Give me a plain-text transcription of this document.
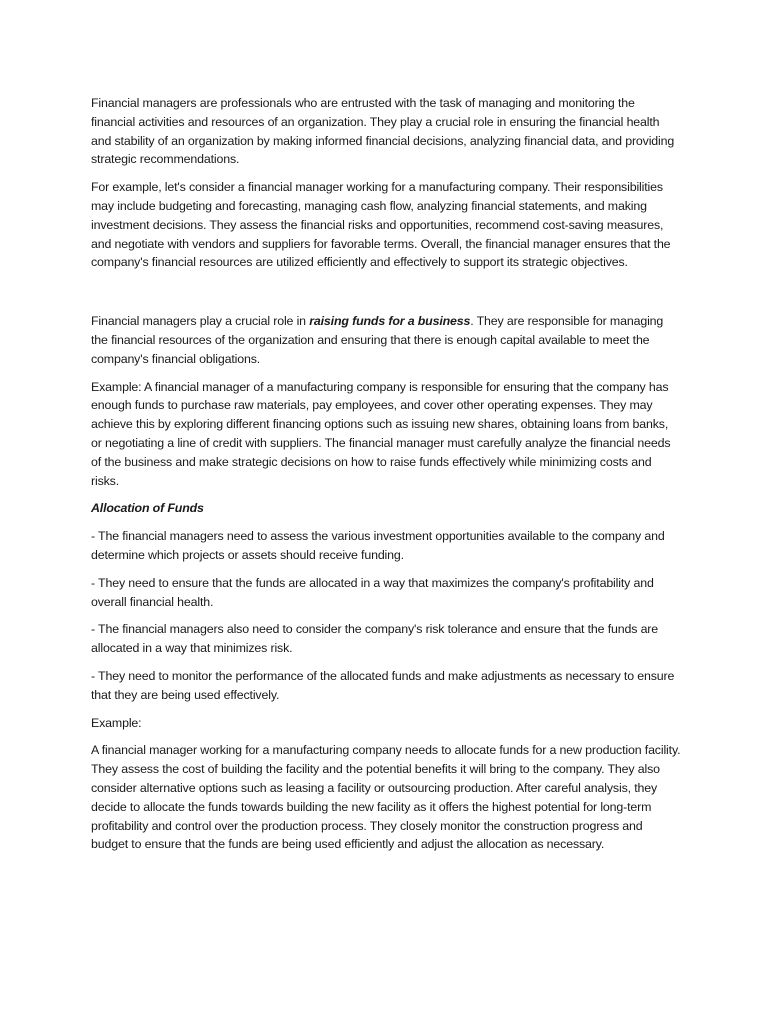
Financial managers are professionals who are entrusted with the task of managing and monitoring the financial activities and resources of an organization. They play a crucial role in ensuring the financial health and stability of an organization by making informed financial decisions, analyzing financial data, and providing strategic recommendations.

For example, let's consider a financial manager working for a manufacturing company. Their responsibilities may include budgeting and forecasting, managing cash flow, analyzing financial statements, and making investment decisions. They assess the financial risks and opportunities, recommend cost-saving measures, and negotiate with vendors and suppliers for favorable terms. Overall, the financial manager ensures that the company's financial resources are utilized efficiently and effectively to support its strategic objectives.

Financial managers play a crucial role in raising funds for a business. They are responsible for managing the financial resources of the organization and ensuring that there is enough capital available to meet the company's financial obligations.

Example: A financial manager of a manufacturing company is responsible for ensuring that the company has enough funds to purchase raw materials, pay employees, and cover other operating expenses. They may achieve this by exploring different financing options such as issuing new shares, obtaining loans from banks, or negotiating a line of credit with suppliers. The financial manager must carefully analyze the financial needs of the business and make strategic decisions on how to raise funds effectively while minimizing costs and risks.

Allocation of Funds

- The financial managers need to assess the various investment opportunities available to the company and determine which projects or assets should receive funding.

- They need to ensure that the funds are allocated in a way that maximizes the company's profitability and overall financial health.

- The financial managers also need to consider the company's risk tolerance and ensure that the funds are allocated in a way that minimizes risk.

- They need to monitor the performance of the allocated funds and make adjustments as necessary to ensure that they are being used effectively.

Example:

A financial manager working for a manufacturing company needs to allocate funds for a new production facility. They assess the cost of building the facility and the potential benefits it will bring to the company. They also consider alternative options such as leasing a facility or outsourcing production. After careful analysis, they decide to allocate the funds towards building the new facility as it offers the highest potential for long-term profitability and control over the production process. They closely monitor the construction progress and budget to ensure that the funds are being used efficiently and adjust the allocation as necessary.
